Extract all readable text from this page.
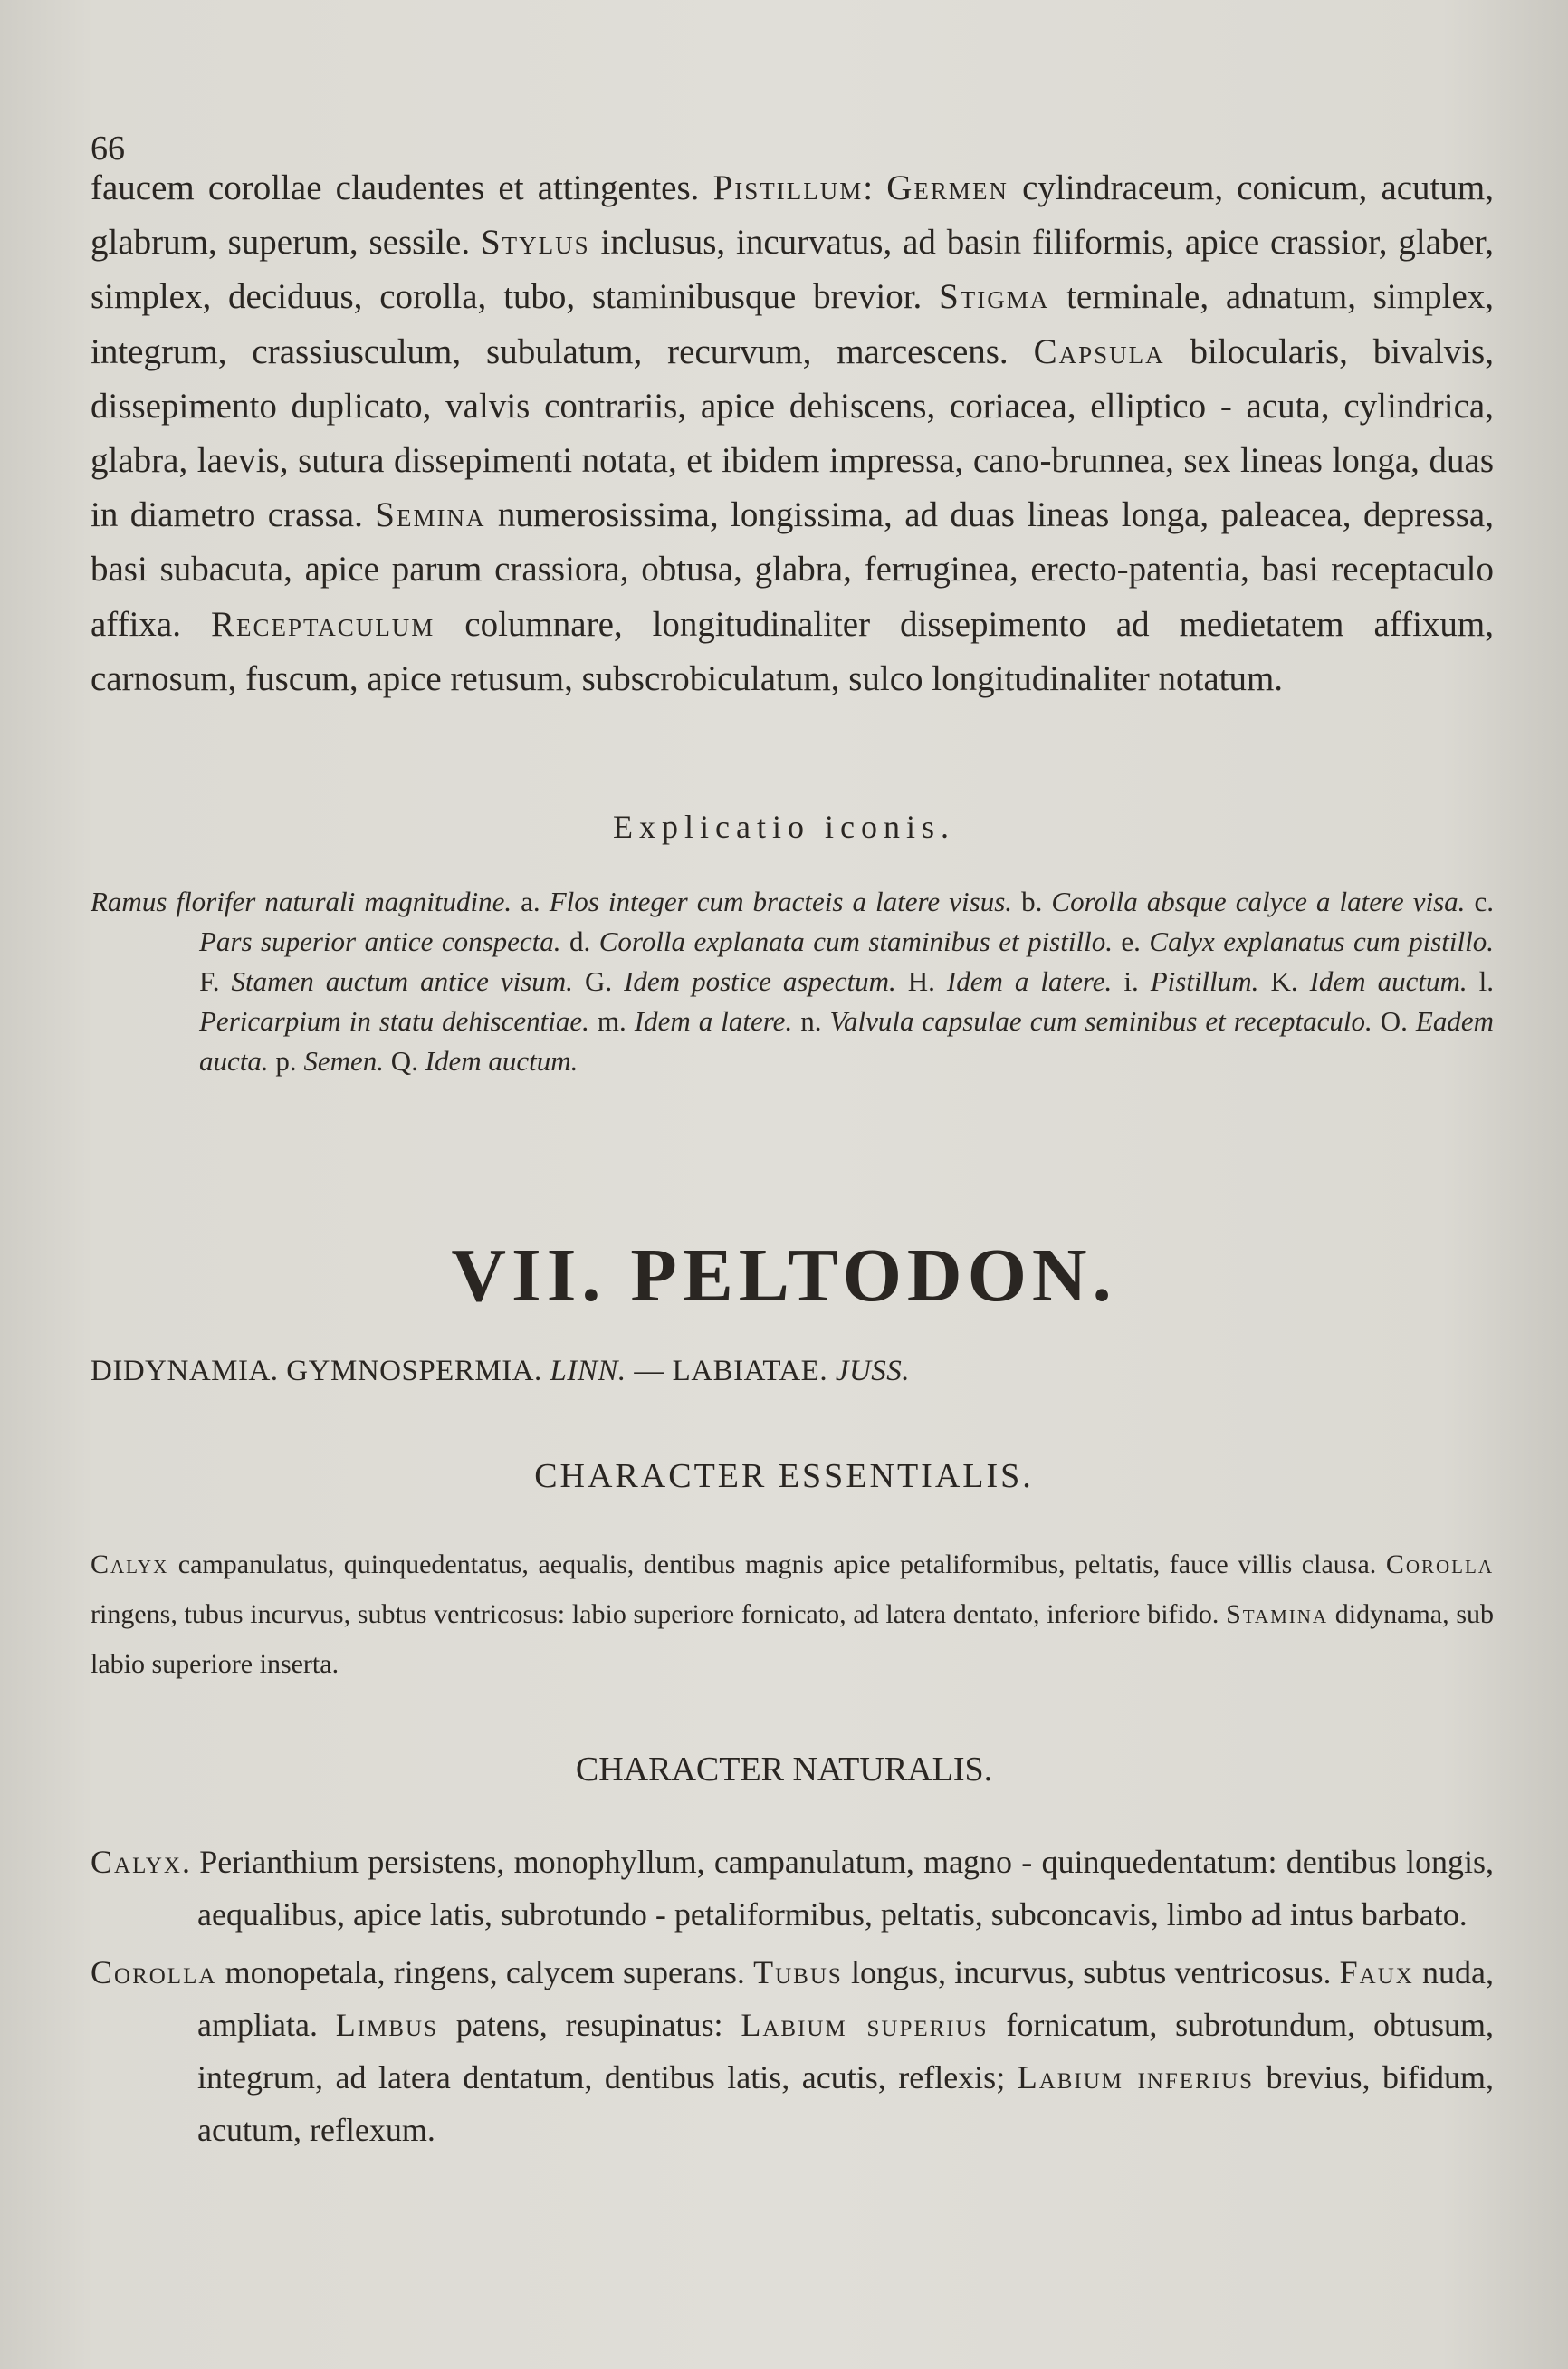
66

faucem corollae claudentes et attingentes. Pistillum: Germen cylindraceum, conicum, acutum, glabrum, superum, sessile. Stylus inclusus, incurvatus, ad basin filiformis, apice crassior, glaber, simplex, deciduus, corolla, tubo, staminibusque brevior. Stigma terminale, adnatum, simplex, integrum, crassiusculum, subulatum, recurvum, marcescens. Capsula bilocularis, bivalvis, dissepimento duplicato, valvis contrariis, apice dehiscens, coriacea, elliptico - acuta, cylindrica, glabra, laevis, sutura dissepimenti notata, et ibidem impressa, cano-brunnea, sex lineas longa, duas in diametro crassa. Semina numerosissima, longissima, ad duas lineas longa, paleacea, depressa, basi subacuta, apice parum crassiora, obtusa, glabra, ferruginea, erecto-patentia, basi receptaculo affixa. Receptaculum columnare, longitudinaliter dissepimento ad medietatem affixum, carnosum, fuscum, apice retusum, subscrobiculatum, sulco longitudinaliter notatum.

Explicatio iconis.

Ramus florifer naturali magnitudine. a. Flos integer cum bracteis a latere visus. b. Corolla absque calyce a latere visa. c. Pars superior antice conspecta. d. Corolla explanata cum staminibus et pistillo. e. Calyx explanatus cum pistillo. F. Stamen auctum antice visum. G. Idem postice aspectum. H. Idem a latere. i. Pistillum. K. Idem auctum. l. Pericarpium in statu dehiscentiae. m. Idem a latere. n. Valvula capsulae cum seminibus et receptaculo. O. Eadem aucta. p. Semen. Q. Idem auctum.

VII. PELTODON.
DIDYNAMIA. GYMNOSPERMIA. LINN. — LABIATAE. JUSS.
CHARACTER ESSENTIALIS.

Calyx campanulatus, quinquedentatus, aequalis, dentibus magnis apice petaliformibus, peltatis, fauce villis clausa. Corolla ringens, tubus incurvus, subtus ventricosus: labio superiore fornicato, ad latera dentato, inferiore bifido. Stamina didynama, sub labio superiore inserta.

CHARACTER NATURALIS.

Calyx. Perianthium persistens, monophyllum, campanulatum, magno - quinquedentatum: dentibus longis, aequalibus, apice latis, subrotundo - petaliformibus, peltatis, subconcavis, limbo ad intus barbato.

Corolla monopetala, ringens, calycem superans. Tubus longus, incurvus, subtus ventricosus. Faux nuda, ampliata. Limbus patens, resupinatus: Labium superius fornicatum, subrotundum, obtusum, integrum, ad latera dentatum, dentibus latis, acutis, reflexis; Labium inferius brevius, bifidum, acutum, reflexum.
